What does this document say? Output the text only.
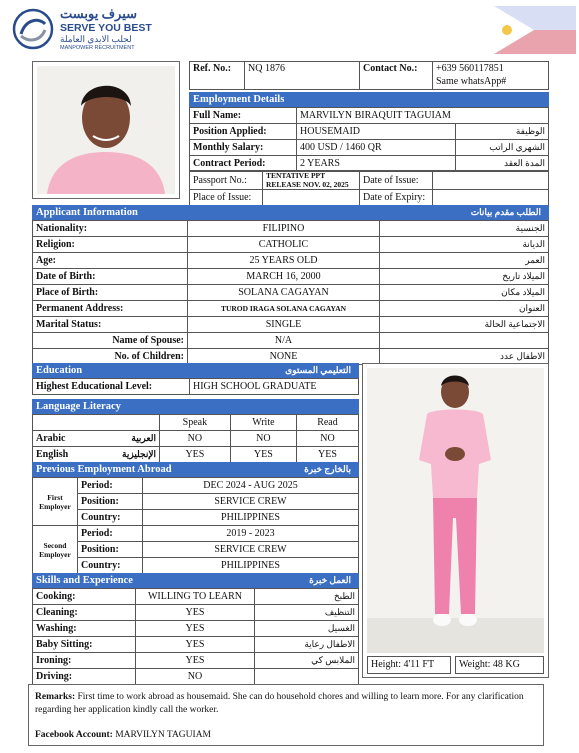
سيرف يوبست
SERVE YOU BEST
لجلب الايدي العاملة
MANPOWER RECRUITMENT
Ref. No.:	NQ 1876	Contact No.:	+639 560117851
Same whatsApp#
Employment Details
Full Name:	MARVILYN BIRAQUIT TAGUIAM	
Position Applied:	HOUSEMAID	الوظيفة
Monthly Salary:	400 USD / 1460 QR	الشهري الراتب
Contract Period:	2 YEARS	المدة العقد
Passport No.:	TENTATIVE PPT RELEASE NOV. 02, 2025	Date of Issue:	
Place of Issue:		Date of Expiry:	
Applicant Information	الطلب مقدم بيانات
Nationality:	FILIPINO	الجنسية
Religion:	CATHOLIC	الديانة
Age:	25 YEARS OLD	العمر
Date of Birth:	MARCH 16, 2000	الميلاد تاريخ
Place of Birth:	SOLANA CAGAYAN	الميلاد مكان
Permanent Address:	TUROD IRAGA SOLANA CAGAYAN	العنوان
Marital Status:	SINGLE	الاجتماعية الحالة
Name of Spouse:	N/A	
No. of Children:	NONE	الاطفال عدد
Education	التعليمي المستوى
Highest Educational Level:	HIGH SCHOOL GRADUATE
Language Literacy
	Speak	Write	Read
Arabic العربية	NO	NO	NO
English الإنجليزية	YES	YES	YES
Previous Employment Abroad	بالخارج خبرة
First Employer	Period:	DEC 2024 - AUG 2025
	Position:	SERVICE CREW
	Country:	PHILIPPINES
Second Employer	Period:	2019 - 2023
	Position:	SERVICE CREW
	Country:	PHILIPPINES
Skills and Experience	العمل خبرة
Cooking:	WILLING TO LEARN	الطبخ
Cleaning:	YES	التنظيف
Washing:	YES	الغسيل
Baby Sitting:	YES	الاطفال رعاية
Ironing:	YES	الملابس كي
Driving:	NO	
Height: 4'11 FT	Weight: 48 KG
Remarks: First time to work abroad as housemaid. She can do household chores and willing to learn more. For any clarification regarding her application kindly call the worker.
Facebook Account: MARVILYN TAGUIAM
